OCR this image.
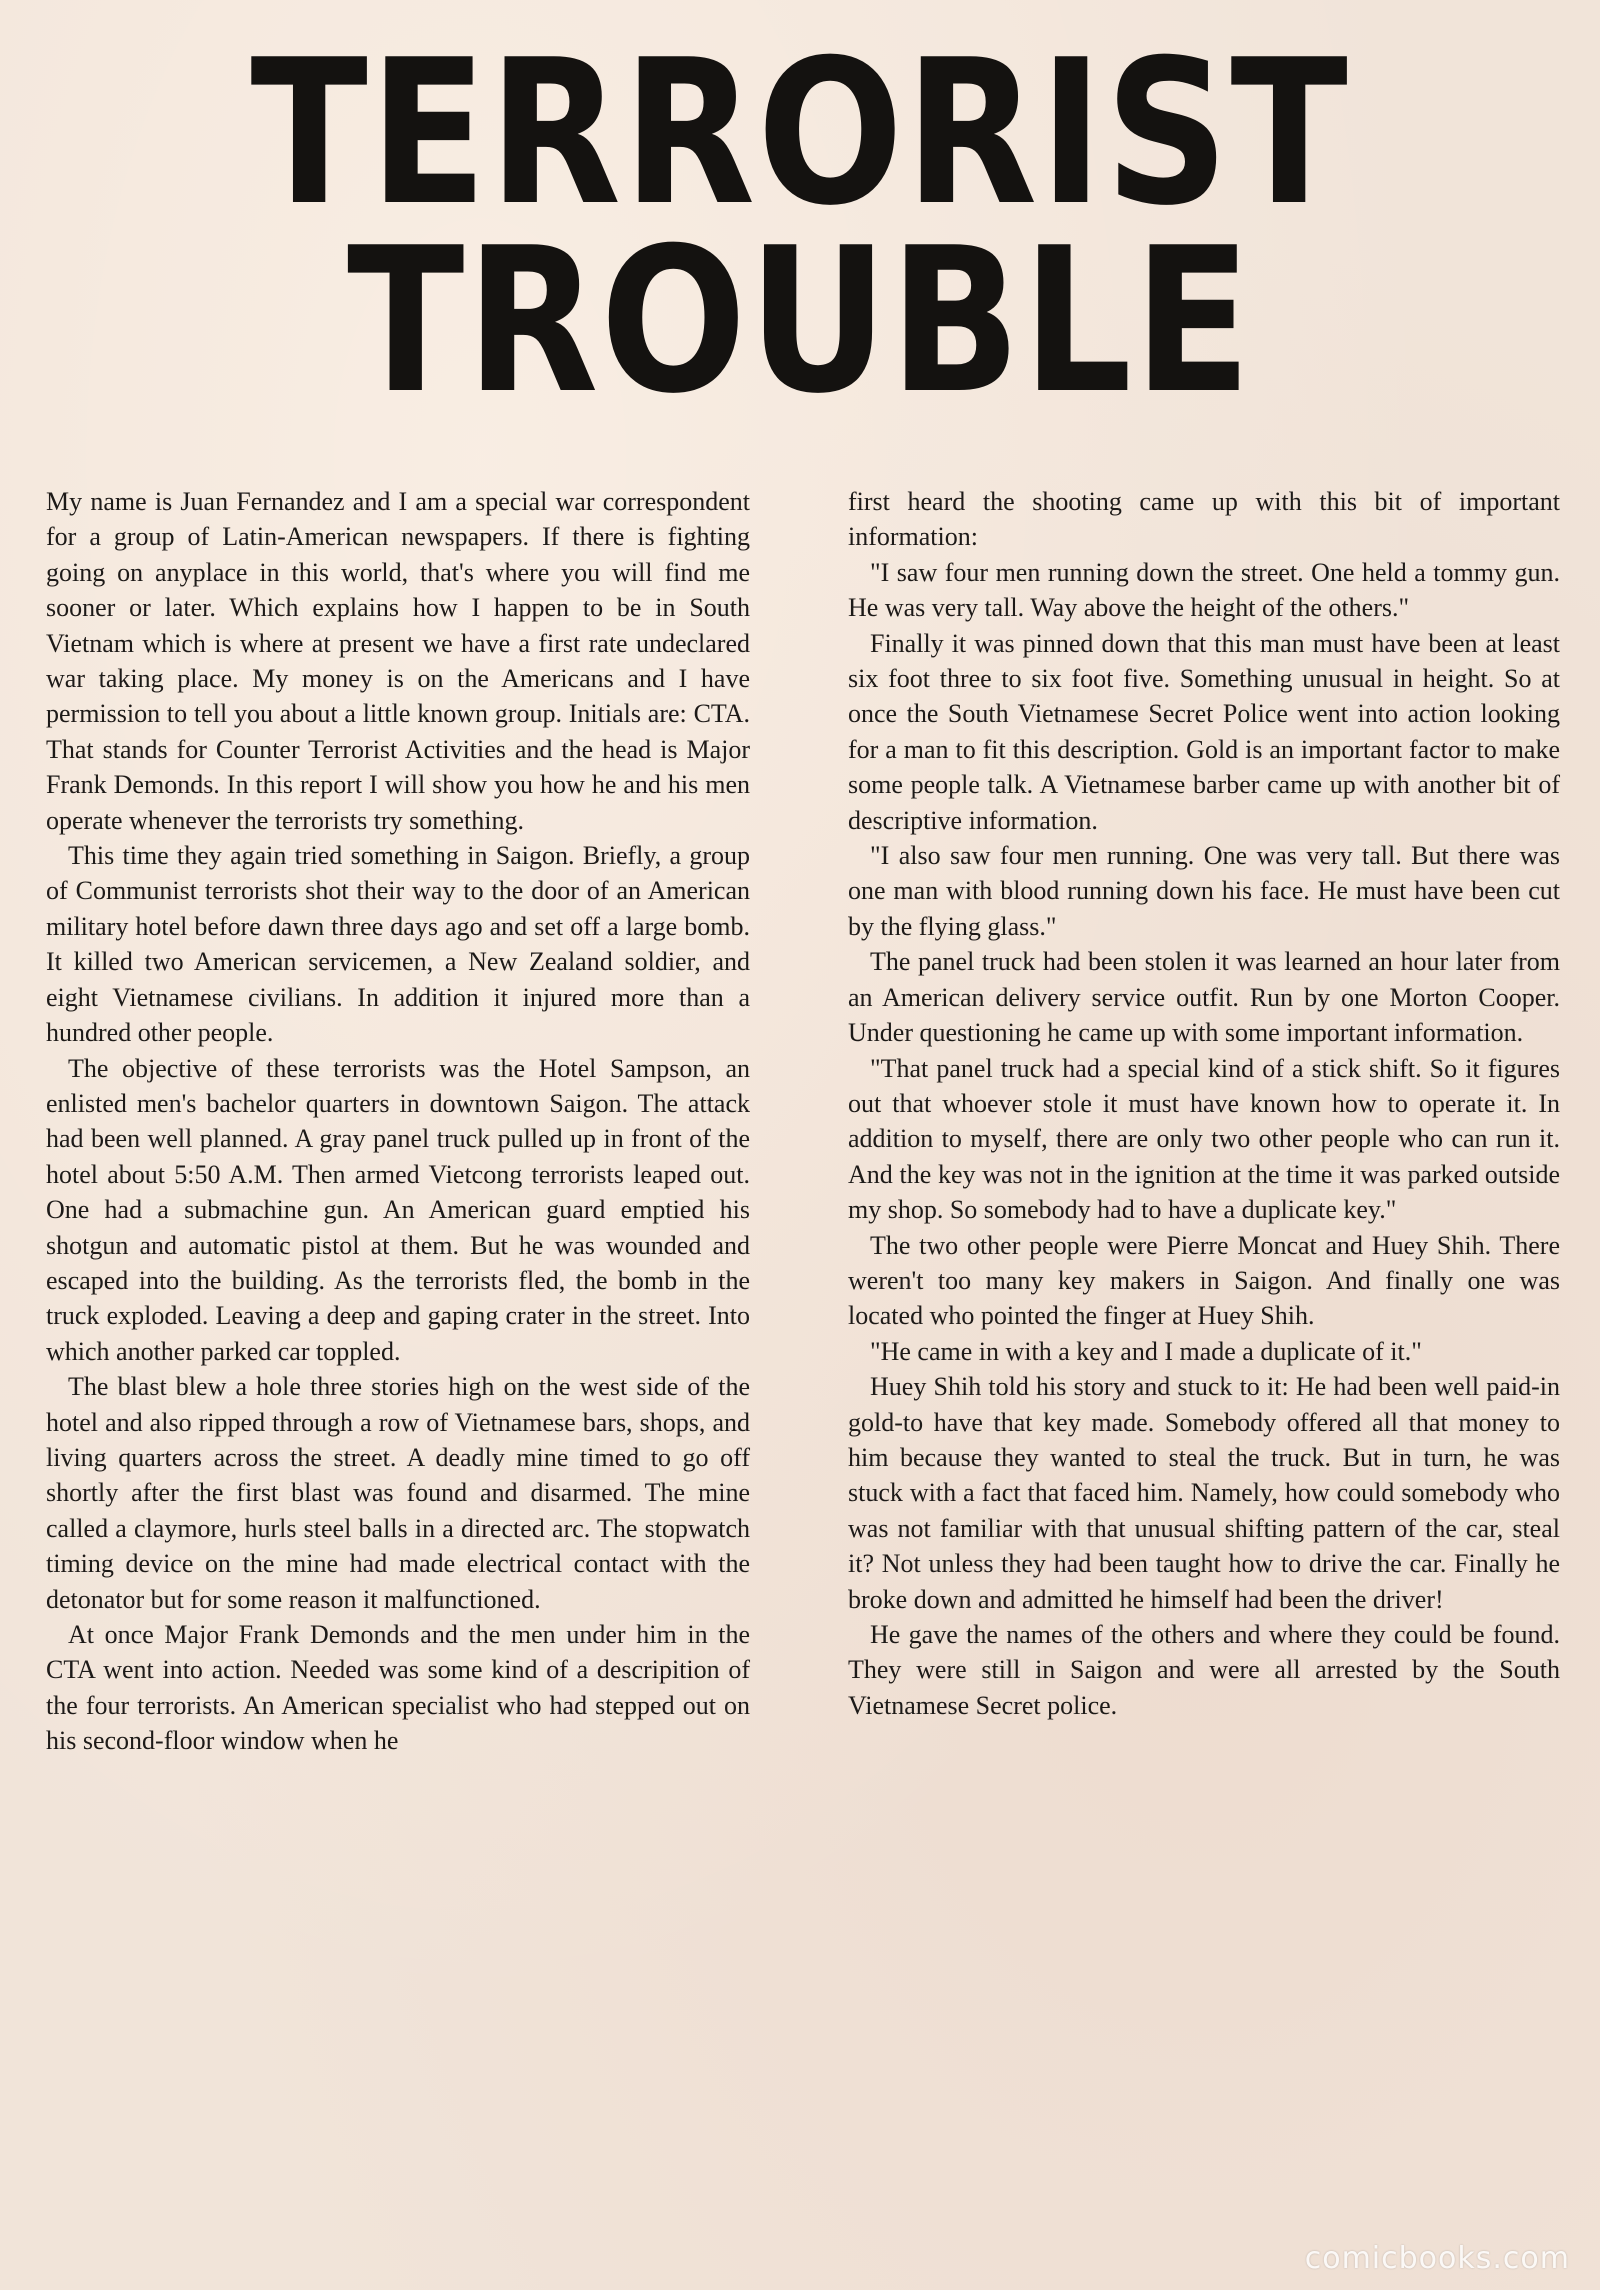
TERRORIST
TROUBLE

My name is Juan Fernandez and I am a special war correspondent for a group of Latin-American newspapers. If there is fighting going on anyplace in this world, that's where you will find me sooner or later. Which explains how I happen to be in South Vietnam which is where at present we have a first rate undeclared war taking place. My money is on the Americans and I have permission to tell you about a little known group. Initials are: CTA. That stands for Counter Terrorist Activities and the head is Major Frank Demonds. In this report I will show you how he and his men operate whenever the terrorists try something.

This time they again tried something in Saigon. Briefly, a group of Communist terrorists shot their way to the door of an American military hotel before dawn three days ago and set off a large bomb. It killed two American servicemen, a New Zealand soldier, and eight Vietnamese civilians. In addition it injured more than a hundred other people.

The objective of these terrorists was the Hotel Sampson, an enlisted men's bachelor quarters in downtown Saigon. The attack had been well planned. A gray panel truck pulled up in front of the hotel about 5:50 A.M. Then armed Vietcong terrorists leaped out. One had a submachine gun. An American guard emptied his shotgun and automatic pistol at them. But he was wounded and escaped into the building. As the terrorists fled, the bomb in the truck exploded. Leaving a deep and gaping crater in the street. Into which another parked car toppled.

The blast blew a hole three stories high on the west side of the hotel and also ripped through a row of Vietnamese bars, shops, and living quarters across the street. A deadly mine timed to go off shortly after the first blast was found and disarmed. The mine called a claymore, hurls steel balls in a directed arc. The stopwatch timing device on the mine had made electrical contact with the detonator but for some reason it malfunctioned.

At once Major Frank Demonds and the men under him in the CTA went into action. Needed was some kind of a descripition of the four terrorists. An American specialist who had stepped out on his second-floor window when he

first heard the shooting came up with this bit of important information:

"I saw four men running down the street. One held a tommy gun. He was very tall. Way above the height of the others."

Finally it was pinned down that this man must have been at least six foot three to six foot five. Something unusual in height. So at once the South Vietnamese Secret Police went into action looking for a man to fit this description. Gold is an important factor to make some people talk. A Vietnamese barber came up with another bit of descriptive information.

"I also saw four men running. One was very tall. But there was one man with blood running down his face. He must have been cut by the flying glass."

The panel truck had been stolen it was learned an hour later from an American delivery service outfit. Run by one Morton Cooper. Under questioning he came up with some important information.

"That panel truck had a special kind of a stick shift. So it figures out that whoever stole it must have known how to operate it. In addition to myself, there are only two other people who can run it. And the key was not in the ignition at the time it was parked outside my shop. So somebody had to have a duplicate key."

The two other people were Pierre Moncat and Huey Shih. There weren't too many key makers in Saigon. And finally one was located who pointed the finger at Huey Shih.

"He came in with a key and I made a duplicate of it."

Huey Shih told his story and stuck to it: He had been well paid-in gold-to have that key made. Somebody offered all that money to him because they wanted to steal the truck. But in turn, he was stuck with a fact that faced him. Namely, how could somebody who was not familiar with that unusual shifting pattern of the car, steal it? Not unless they had been taught how to drive the car. Finally he broke down and admitted he himself had been the driver!

He gave the names of the others and where they could be found. They were still in Saigon and were all arrested by the South Vietnamese Secret police.

comicbooks.com
